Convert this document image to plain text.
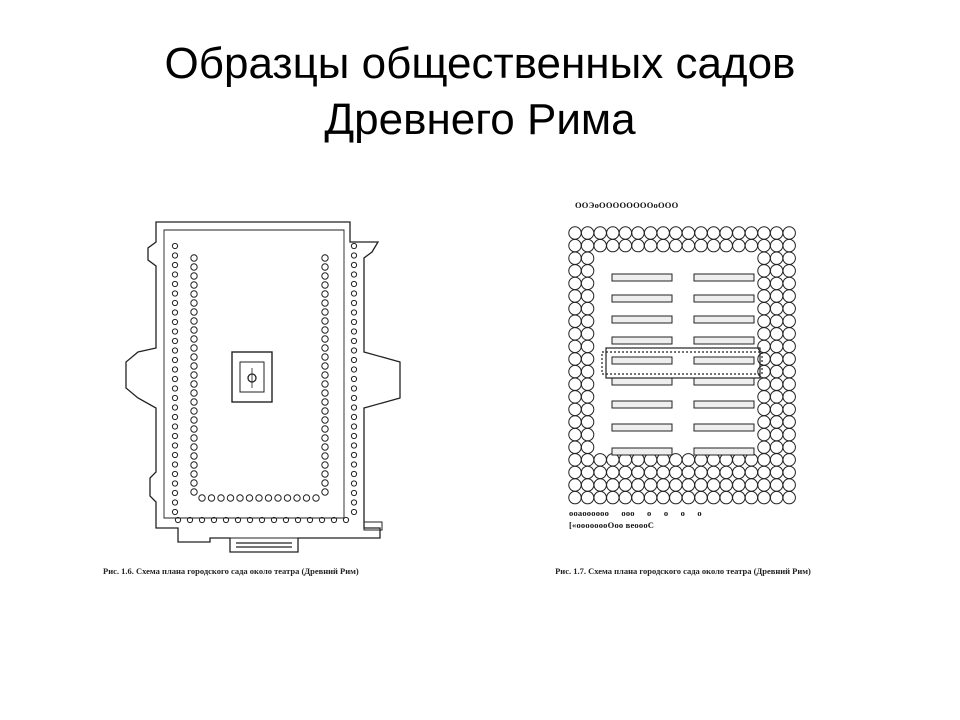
Образцы общественных садов
Древнего Рима
OOЭoOOOOOOOOoOOO
ooaoooooo ooo o o o o
[«oooooooOoo вeoooC
Рис. 1.6. Схема плана городского сада около театра (Древний Рим)	Рис. 1.7. Схема плана городского сада около театра (Древний Рим)
